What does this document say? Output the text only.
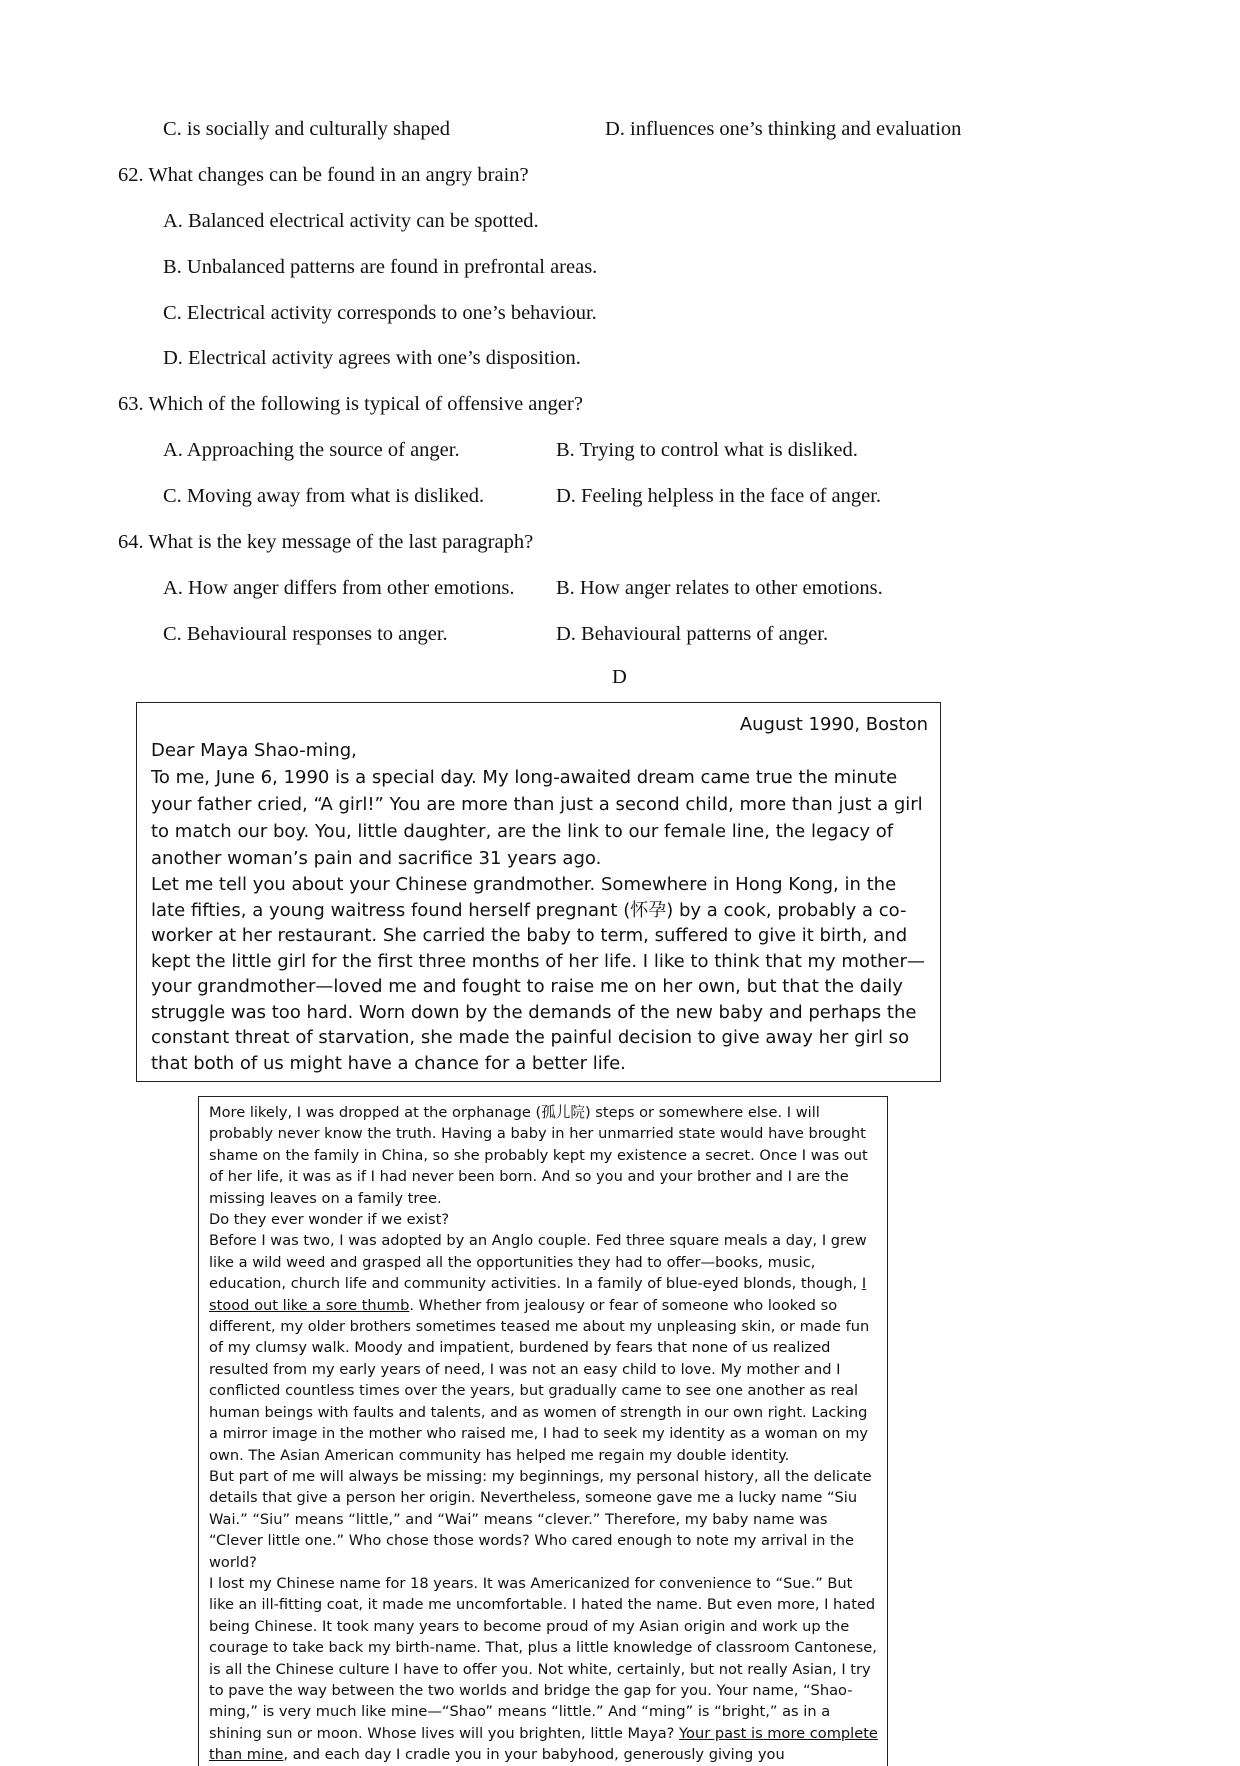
C. is socially and culturally shaped	D. influences one’s thinking and evaluation
62. What changes can be found in an angry brain?
A. Balanced electrical activity can be spotted.
B. Unbalanced patterns are found in prefrontal areas.
C. Electrical activity corresponds to one’s behaviour.
D. Electrical activity agrees with one’s disposition.
63. Which of the following is typical of offensive anger?
A. Approaching the source of anger.	B. Trying to control what is disliked.
C. Moving away from what is disliked.	D. Feeling helpless in the face of anger.
64. What is the key message of the last paragraph?
A. How anger differs from other emotions. B. How anger relates to other emotions.
C. Behavioural responses to anger.	D. Behavioural patterns of anger.
D
August 1990, Boston
Dear Maya Shao-ming,

To me, June 6, 1990 is a special day. My long-awaited dream came true the minute your father cried, “A girl!” You are more than just a second child, more than just a girl to match our boy. You, little daughter, are the link to our female line, the legacy of another woman’s pain and sacrifice 31 years ago.

Let me tell you about your Chinese grandmother. Somewhere in Hong Kong, in the late fifties, a young waitress found herself pregnant (怀孕) by a cook, probably a co-worker at her restaurant. She carried the baby to term, suffered to give it birth, and kept the little girl for the first three months of her life. I like to think that my mother—your grandmother—loved me and fought to raise me on her own, but that the daily struggle was too hard. Worn down by the demands of the new baby and perhaps the constant threat of starvation, she made the painful decision to give away her girl so that both of us might have a chance for a better life.

More likely, I was dropped at the orphanage (孤儿院) steps or somewhere else. I will probably never know the truth. Having a baby in her unmarried state would have brought shame on the family in China, so she probably kept my existence a secret. Once I was out of her life, it was as if I had never been born. And so you and your brother and I are the missing leaves on a family tree.

Do they ever wonder if we exist?

Before I was two, I was adopted by an Anglo couple. Fed three square meals a day, I grew like a wild weed and grasped all the opportunities they had to offer—books, music, education, church life and community activities. In a family of blue-eyed blonds, though, I stood out like a sore thumb. Whether from jealousy or fear of someone who looked so different, my older brothers sometimes teased me about my unpleasing skin, or made fun of my clumsy walk. Moody and impatient, burdened by fears that none of us realized resulted from my early years of need, I was not an easy child to love. My mother and I conflicted countless times over the years, but gradually came to see one another as real human beings with faults and talents, and as women of strength in our own right. Lacking a mirror image in the mother who raised me, I had to seek my identity as a woman on my own. The Asian American community has helped me regain my double identity.

But part of me will always be missing: my beginnings, my personal history, all the delicate details that give a person her origin. Nevertheless, someone gave me a lucky name “Siu Wai.” “Siu” means “little,” and “Wai” means “clever.” Therefore, my baby name was “Clever little one.” Who chose those words? Who cared enough to note my arrival in the world?

I lost my Chinese name for 18 years. It was Americanized for convenience to “Sue.” But like an ill-fitting coat, it made me uncomfortable. I hated the name. But even more, I hated being Chinese. It took many years to become proud of my Asian origin and work up the courage to take back my birth-name. That, plus a little knowledge of classroom Cantonese, is all the Chinese culture I have to offer you. Not white, certainly, but not really Asian, I try to pave the way between the two worlds and bridge the gap for you. Your name, “Shao-ming,” is very much like mine—“Shao” means “little.” And “ming” is “bright,” as in a shining sun or moon. Whose lives will you brighten, little Maya? Your past is more complete than mine, and each day I cradle you in your babyhood, generously giving you
